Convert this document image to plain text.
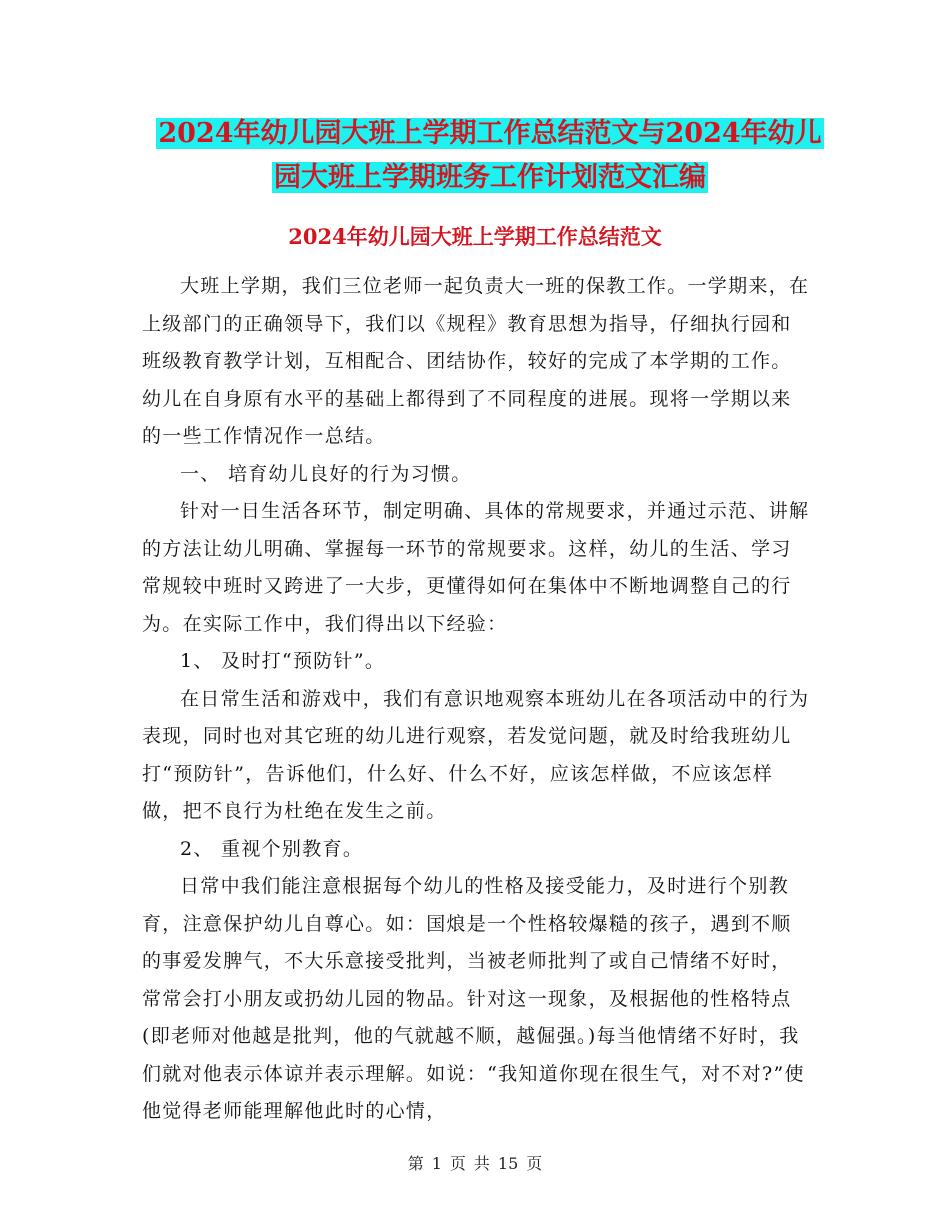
2024年幼儿园大班上学期工作总结范文与2024年幼儿
园大班上学期班务工作计划范文汇编
2024年幼儿园大班上学期工作总结范文

大班上学期，我们三位老师一起负责大一班的保教工作。一学期来，在上级部门的正确领导下，我们以《规程》教育思想为指导，仔细执行园和班级教育教学计划，互相配合、团结协作，较好的完成了本学期的工作。幼儿在自身原有水平的基础上都得到了不同程度的进展。现将一学期以来的一些工作情况作一总结。

一、 培育幼儿良好的行为习惯。

针对一日生活各环节，制定明确、具体的常规要求，并通过示范、讲解的方法让幼儿明确、掌握每一环节的常规要求。这样，幼儿的生活、学习常规较中班时又跨进了一大步，更懂得如何在集体中不断地调整自己的行为。在实际工作中，我们得出以下经验：

1、 及时打“预防针”。

在日常生活和游戏中，我们有意识地观察本班幼儿在各项活动中的行为表现，同时也对其它班的幼儿进行观察，若发觉问题，就及时给我班幼儿打“预防针”，告诉他们，什么好、什么不好，应该怎样做，不应该怎样做，把不良行为杜绝在发生之前。

2、 重视个别教育。

日常中我们能注意根据每个幼儿的性格及接受能力，及时进行个别教育，注意保护幼儿自尊心。如：国烺是一个性格较爆糙的孩子，遇到不顺的事爱发脾气，不大乐意接受批判，当被老师批判了或自己情绪不好时，常常会打小朋友或扔幼儿园的物品。针对这一现象，及根据他的性格特点(即老师对他越是批判，他的气就越不顺，越倔强。)每当他情绪不好时，我们就对他表示体谅并表示理解。如说：“我知道你现在很生气，对不对?”使他觉得老师能理解他此时的心情，

第 1 页 共 15 页
